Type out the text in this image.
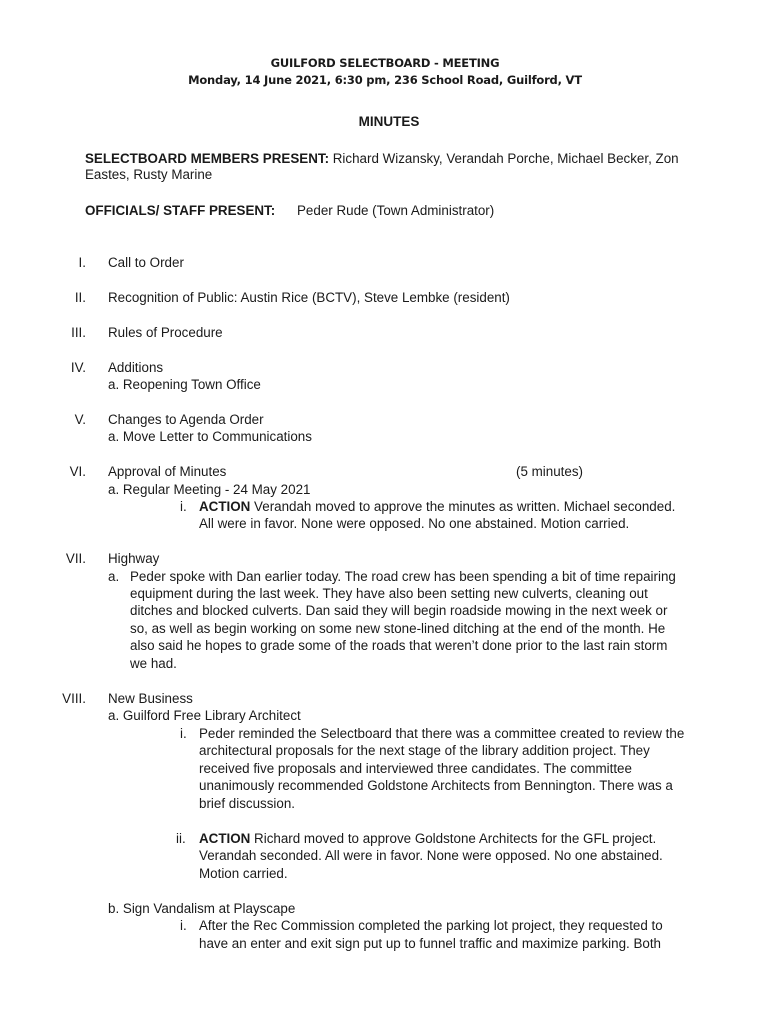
GUILFORD SELECTBOARD - MEETING
Monday, 14 June 2021, 6:30 pm, 236 School Road, Guilford, VT
MINUTES
SELECTBOARD MEMBERS PRESENT: Richard Wizansky, Verandah Porche, Michael Becker, Zon
Eastes, Rusty Marine
OFFICIALS/ STAFF PRESENT: Peder Rude (Town Administrator)
I. Call to Order
II. Recognition of Public: Austin Rice (BCTV), Steve Lembke (resident)
III. Rules of Procedure
IV. Additions
a. Reopening Town Office
V. Changes to Agenda Order
a. Move Letter to Communications
VI. Approval of Minutes	(5 minutes)
a. Regular Meeting - 24 May 2021
i. ACTION Verandah moved to approve the minutes as written. Michael seconded.
All were in favor. None were opposed. No one abstained. Motion carried.
VII. Highway
a. Peder spoke with Dan earlier today. The road crew has been spending a bit of time repairing
equipment during the last week. They have also been setting new culverts, cleaning out
ditches and blocked culverts. Dan said they will begin roadside mowing in the next week or
so, as well as begin working on some new stone-lined ditching at the end of the month. He
also said he hopes to grade some of the roads that weren’t done prior to the last rain storm
we had.
VIII. New Business
a. Guilford Free Library Architect
i. Peder reminded the Selectboard that there was a committee created to review the
architectural proposals for the next stage of the library addition project. They
received five proposals and interviewed three candidates. The committee
unanimously recommended Goldstone Architects from Bennington. There was a
brief discussion.
ii. ACTION Richard moved to approve Goldstone Architects for the GFL project.
Verandah seconded. All were in favor. None were opposed. No one abstained.
Motion carried.
b. Sign Vandalism at Playscape
i. After the Rec Commission completed the parking lot project, they requested to
have an enter and exit sign put up to funnel traffic and maximize parking. Both
